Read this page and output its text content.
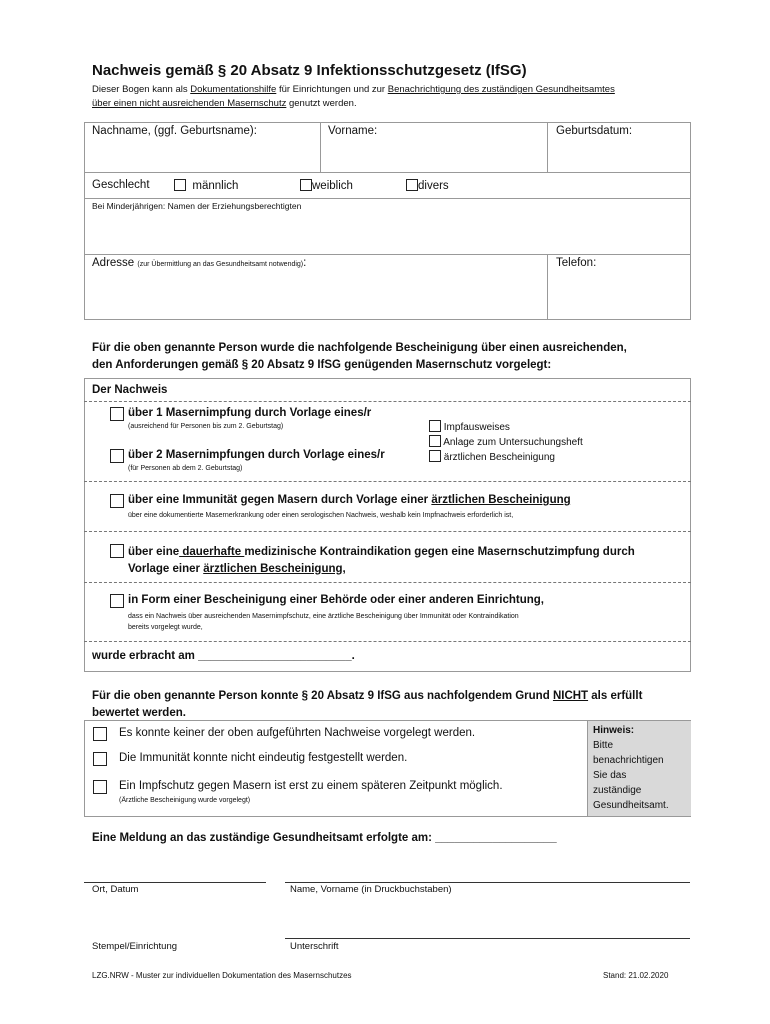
Nachweis gemäß § 20 Absatz 9 Infektionsschutzgesetz (IfSG)
Dieser Bogen kann als Dokumentationshilfe für Einrichtungen und zur Benachrichtigung des zuständigen Gesundheitsamtes
über einen nicht ausreichenden Masernschutz genutzt werden.
Nachname, (ggf. Geburtsname):	Vorname:	Geburtsdatum:
Geschlecht	männlich	weiblich	divers
Bei Minderjährigen: Namen der Erziehungsberechtigten
Adresse (zur Übermittlung an das Gesundheitsamt notwendig):	Telefon:
Für die oben genannte Person wurde die nachfolgende Bescheinigung über einen ausreichenden,
den Anforderungen gemäß § 20 Absatz 9 IfSG genügenden Masernschutz vorgelegt:
Der Nachweis
über 1 Masernimpfung durch Vorlage eines/r
(ausreichend für Personen bis zum 2. Geburtstag)	Impfausweises
Anlage zum Untersuchungsheft
ärztlichen Bescheinigung
über 2 Masernimpfungen durch Vorlage eines/r
(für Personen ab dem 2. Geburtstag)
über eine Immunität gegen Masern durch Vorlage einer ärztlichen Bescheinigung
über eine dokumentierte Masernerkrankung oder einen serologischen Nachweis, weshalb kein Impfnachweis erforderlich ist,
über eine dauerhafte medizinische Kontraindikation gegen eine Masernschutzimpfung durch
Vorlage einer ärztlichen Bescheinigung,
in Form einer Bescheinigung einer Behörde oder einer anderen Einrichtung,
dass ein Nachweis über ausreichenden Masernimpfschutz, eine ärztliche Bescheinigung über Immunität oder Kontraindikation
bereits vorgelegt wurde,
wurde erbracht am ________________________.
Für die oben genannte Person konnte § 20 Absatz 9 IfSG aus nachfolgendem Grund NICHT als erfüllt
bewertet werden.
Es konnte keiner der oben aufgeführten Nachweise vorgelegt werden.
Die Immunität konnte nicht eindeutig festgestellt werden.
Ein Impfschutz gegen Masern ist erst zu einem späteren Zeitpunkt möglich.
(Ärztliche Bescheinigung wurde vorgelegt)
Hinweis:
Bitte
benachrichtigen
Sie das
zuständige
Gesundheitsamt.
Eine Meldung an das zuständige Gesundheitsamt erfolgte am: ___________________
Ort, Datum	Name, Vorname (in Druckbuchstaben)
Stempel/Einrichtung	Unterschrift
LZG.NRW - Muster zur individuellen Dokumentation des Masernschutzes	Stand: 21.02.2020
